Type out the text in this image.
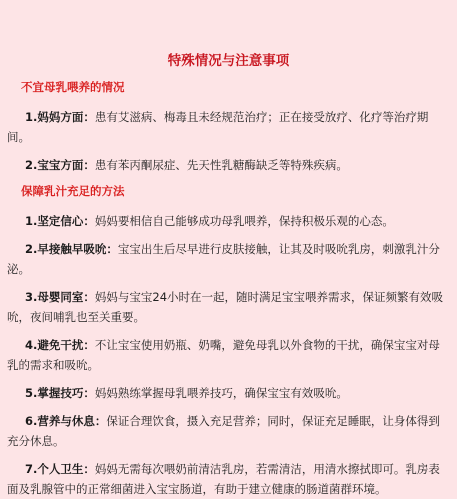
特殊情况与注意事项
不宜母乳喂养的情况
1.妈妈方面：患有艾滋病、梅毒且未经规范治疗；正在接受放疗、化疗等治疗期间。
2.宝宝方面：患有苯丙酮尿症、先天性乳糖酶缺乏等特殊疾病。
保障乳汁充足的方法
1.坚定信心：妈妈要相信自己能够成功母乳喂养，保持积极乐观的心态。
2.早接触早吸吮：宝宝出生后尽早进行皮肤接触，让其及时吸吮乳房，刺激乳汁分泌。
3.母婴同室：妈妈与宝宝24小时在一起，随时满足宝宝喂养需求，保证频繁有效吸吮，夜间哺乳也至关重要。
4.避免干扰：不让宝宝使用奶瓶、奶嘴，避免母乳以外食物的干扰，确保宝宝对母乳的需求和吸吮。
5.掌握技巧：妈妈熟练掌握母乳喂养技巧，确保宝宝有效吸吮。
6.营养与休息：保证合理饮食，摄入充足营养；同时，保证充足睡眠，让身体得到充分休息。
7.个人卫生：妈妈无需每次喂奶前清洁乳房，若需清洁，用清水擦拭即可。乳房表面及乳腺管中的正常细菌进入宝宝肠道，有助于建立健康的肠道菌群环境。
